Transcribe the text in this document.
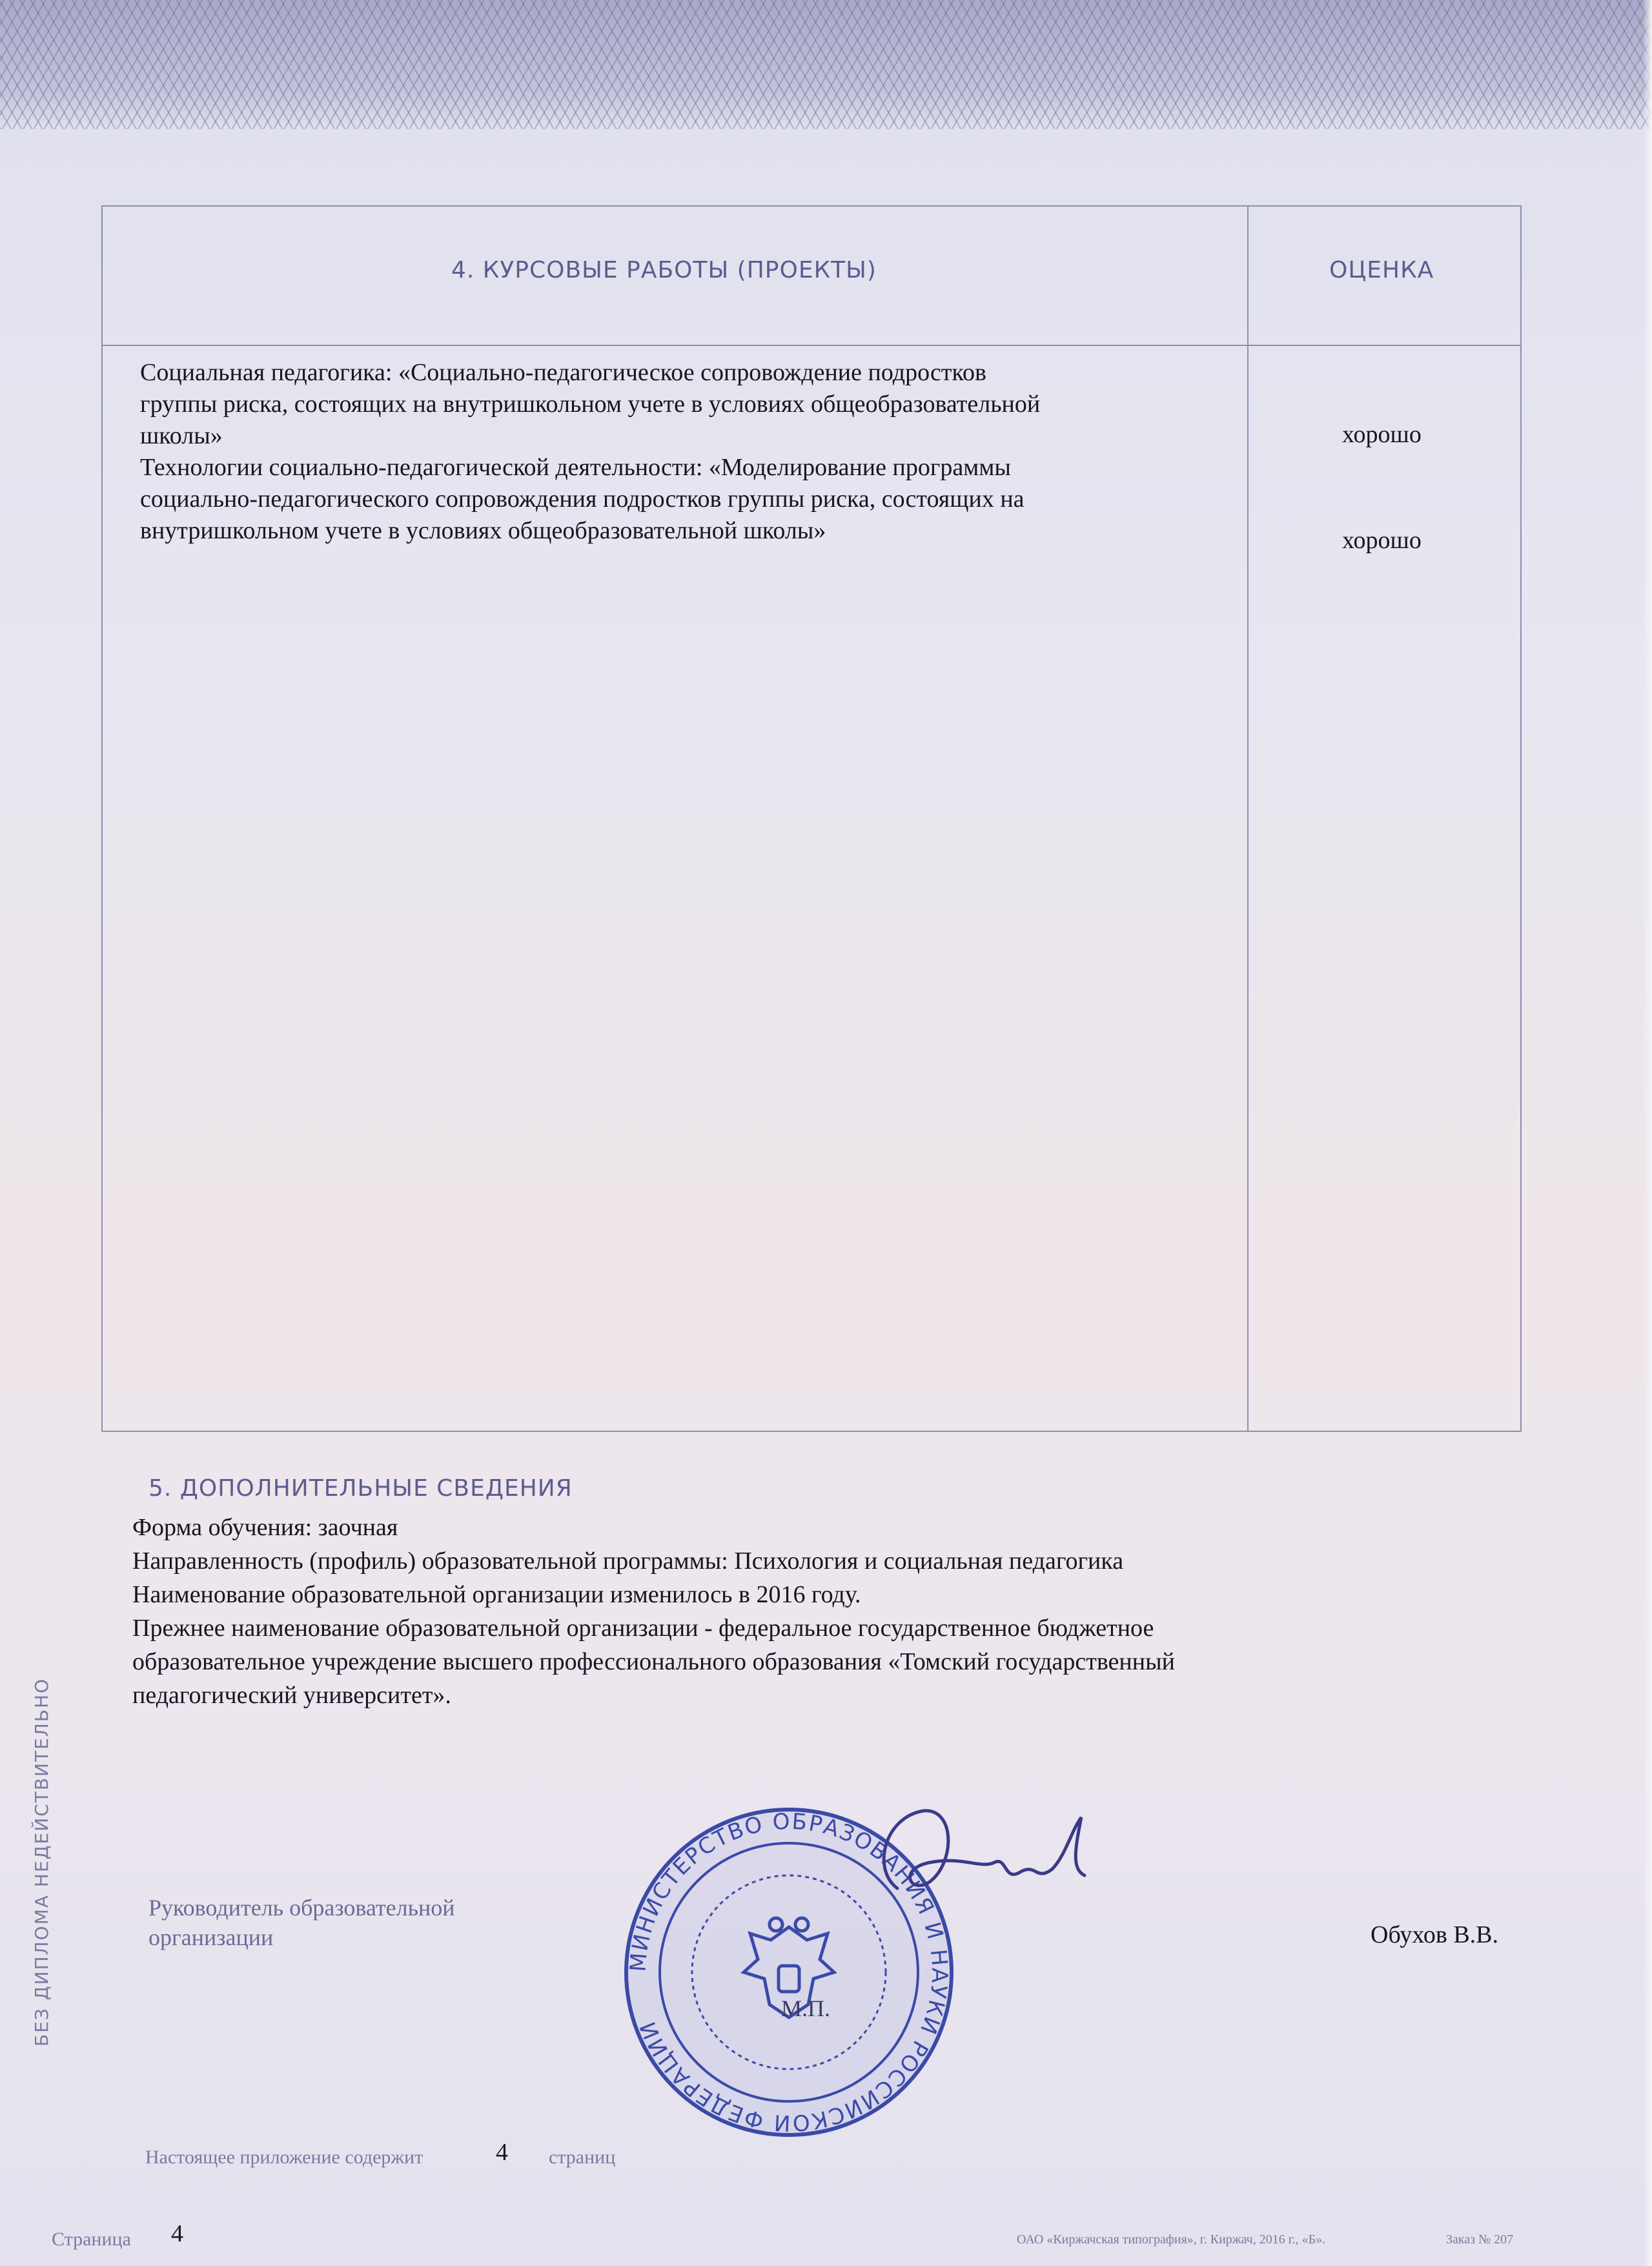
4. КУРСОВЫЕ РАБОТЫ (ПРОЕКТЫ)	ОЦЕНКА
Социальная педагогика: «Социально-педагогическое сопровождение подростков
группы риска, состоящих на внутришкольном учете в условиях общеобразовательной
школы»	хорошо
Технологии социально-педагогической деятельности: «Моделирование программы
социально-педагогического сопровождения подростков группы риска, состоящих на
внутришкольном учете в условиях общеобразовательной школы»	хорошо
5. ДОПОЛНИТЕЛЬНЫЕ СВЕДЕНИЯ
Форма обучения: заочная
Направленность (профиль) образовательной программы: Психология и социальная педагогика
Наименование образовательной организации изменилось в 2016 году.
Прежнее наименование образовательной организации - федеральное государственное бюджетное
образовательное учреждение высшего профессионального образования «Томский государственный
педагогический университет».
БЕЗ ДИПЛОМА НЕДЕЙСТВИТЕЛЬНО	Руководитель образовательной
организации
МИНИСТЕРСТВО ОБРАЗОВАНИЯ И НАУКИ РОССИЙСКОЙ ФЕДЕРАЦИИ
М.П.
Обухов В.В.
Настоящее приложение содержит	4 страниц
Страница 4	ОАО «Киржачская типография», г. Киржач, 2016 г., «Б».	Заказ № 207
